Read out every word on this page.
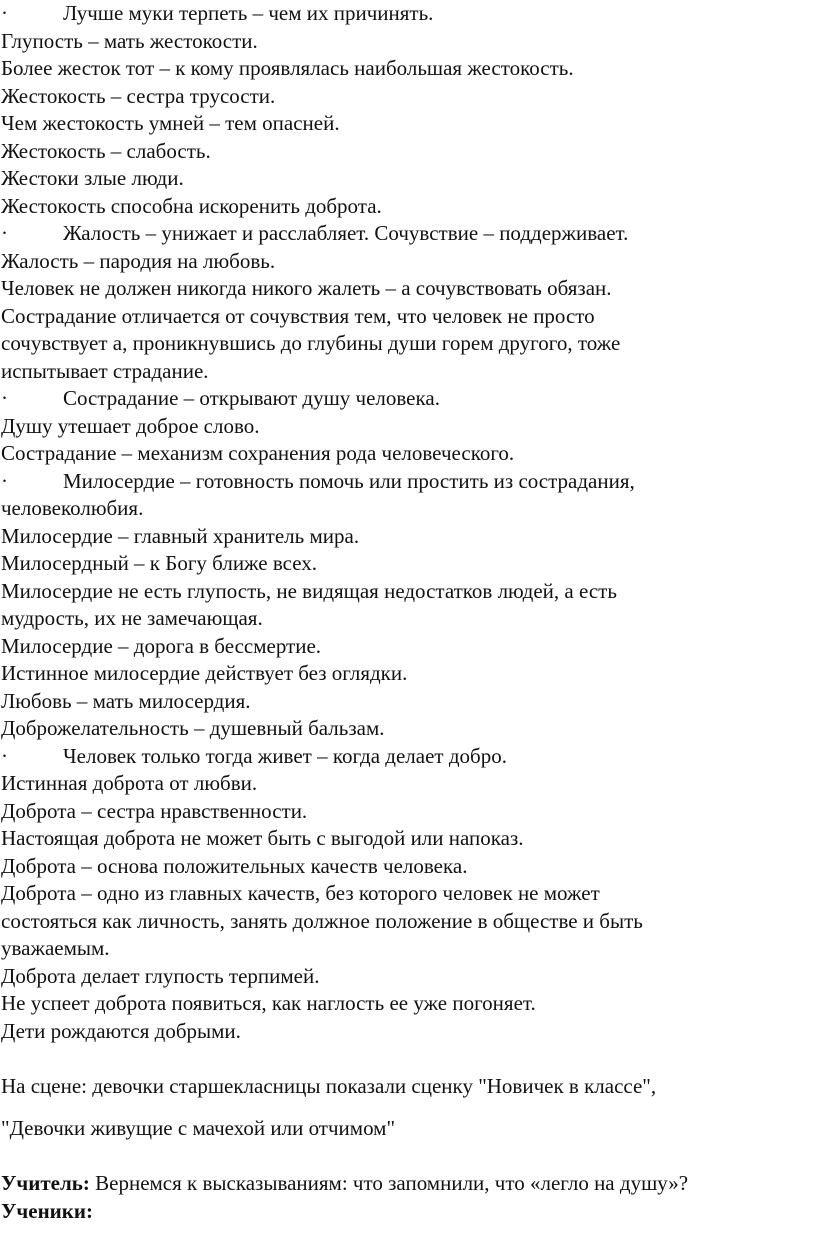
·	Лучше муки терпеть – чем их причинять.
Глупость – мать жестокости.
Более жесток тот – к кому проявлялась наибольшая жестокость.
Жестокость – сестра трусости.
Чем жестокость умней – тем опасней.
Жестокость – слабость.
Жестоки злые люди.
Жестокость способна искоренить доброта.
·	Жалость – унижает и расслабляет. Сочувствие – поддерживает.
Жалость – пародия на любовь.
Человек не должен никогда никого жалеть – а сочувствовать обязан.
Сострадание отличается от сочувствия тем, что человек не просто
сочувствует а, проникнувшись до глубины души горем другого, тоже
испытывает страдание.
·	Сострадание – открывают душу человека.
Душу утешает доброе слово.
Сострадание – механизм сохранения рода человеческого.
·	Милосердие – готовность помочь или простить из сострадания,
человеколюбия.
Милосердие – главный хранитель мира.
Милосердный – к Богу ближе всех.
Милосердие не есть глупость, не видящая недостатков людей, а есть
мудрость, их не замечающая.
Милосердие – дорога в бессмертие.
Истинное милосердие действует без оглядки.
Любовь – мать милосердия.
Доброжелательность – душевный бальзам.
·	Человек только тогда живет – когда делает добро.
Истинная доброта от любви.
Доброта – сестра нравственности.
Настоящая доброта не может быть с выгодой или напоказ.
Доброта – основа положительных качеств человека.
Доброта – одно из главных качеств, без которого человек не может
состояться как личность, занять должное положение в обществе и быть
уважаемым.
Доброта делает глупость терпимей.
Не успеет доброта появиться, как наглость ее уже погоняет.
Дети рождаются добрыми.
На сцене: девочки старшекласницы показали сценку "Новичек в классе",
"Девочки живущие с мачехой или отчимом"
Учитель: Вернемся к высказываниям: что запомнили, что «легло на душу»?
Ученики:
